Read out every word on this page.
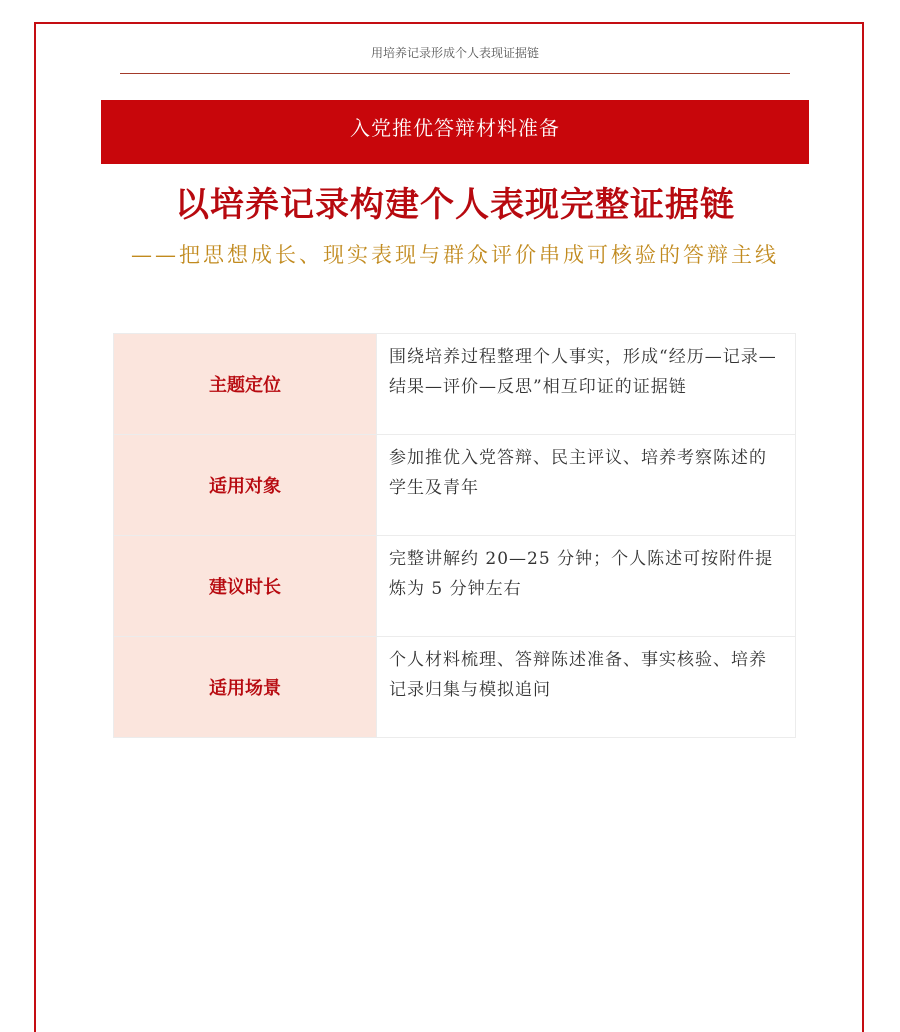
用培养记录形成个人表现证据链
入党推优答辩材料准备
以培养记录构建个人表现完整证据链
——把思想成长、现实表现与群众评价串成可核验的答辩主线
主题定位	围绕培养过程整理个人事实，形成“经历—记录—结果—评价—反思”相互印证的证据链
适用对象	参加推优入党答辩、民主评议、培养考察陈述的学生及青年
建议时长	完整讲解约 20—25 分钟；个人陈述可按附件提炼为 5 分钟左右
适用场景	个人材料梳理、答辩陈述准备、事实核验、培养记录归集与模拟追问
